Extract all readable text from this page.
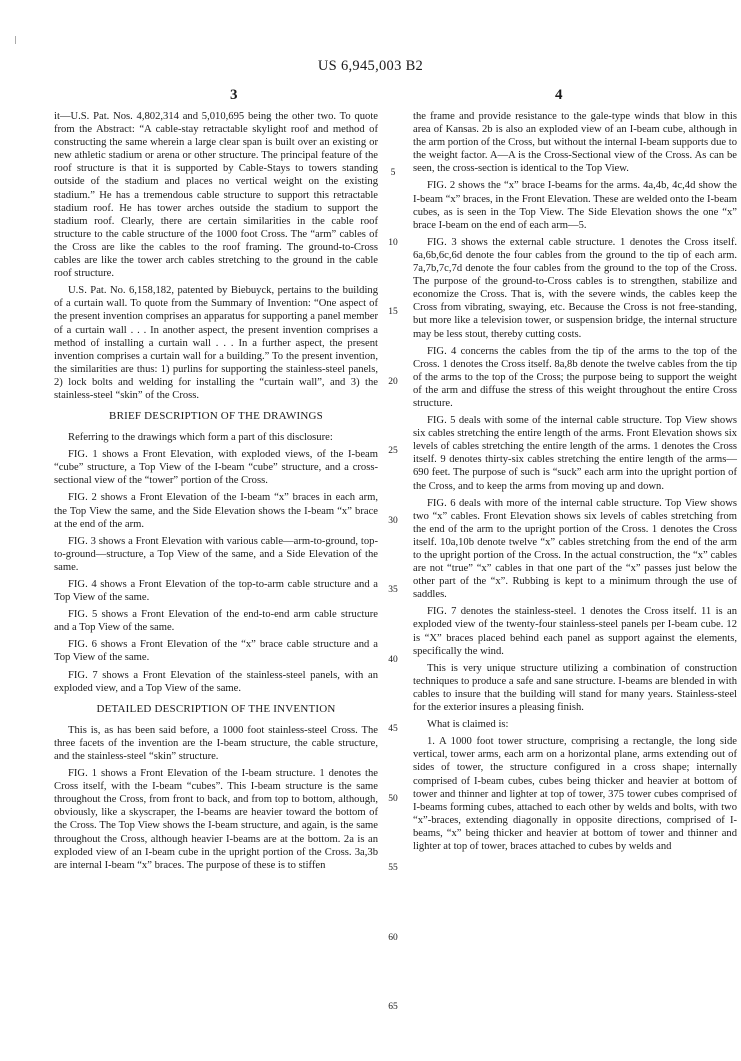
US 6,945,003 B2
3	4

it—U.S. Pat. Nos. 4,802,314 and 5,010,695 being the other two. To quote from the Abstract: “A cable-stay retractable skylight roof and method of constructing the same wherein a large clear span is built over an existing or new athletic stadium or arena or other structure. The principal feature of the roof structure is that it is supported by Cable-Stays to towers standing outside of the stadium and places no vertical weight on the existing stadium.” He has a tremendous cable structure to support this retractable stadium roof. He has tower arches outside the stadium to support the stadium roof. Clearly, there are certain similarities in the cable roof structure to the cable structure of the 1000 foot Cross. The “arm” cables of the Cross are like the cables to the roof framing. The ground-to-Cross cables are like the tower arch cables stretching to the ground in the cable roof structure.

U.S. Pat. No. 6,158,182, patented by Biebuyck, pertains to the building of a curtain wall. To quote from the Summary of Invention: “One aspect of the present invention comprises an apparatus for supporting a panel member of a curtain wall . . . In another aspect, the present invention comprises a method of installing a curtain wall . . . In a further aspect, the present invention comprises a curtain wall for a building.” To the present invention, the similarities are thus: 1) purlins for supporting the stainless-steel panels, 2) lock bolts and welding for installing the “curtain wall”, and 3) the stainless-steel “skin” of the Cross.

BRIEF DESCRIPTION OF THE DRAWINGS

Referring to the drawings which form a part of this disclosure:

FIG. 1 shows a Front Elevation, with exploded views, of the I-beam “cube” structure, a Top View of the I-beam “cube” structure, and a cross-sectional view of the “tower” portion of the Cross.

FIG. 2 shows a Front Elevation of the I-beam “x” braces in each arm, the Top View the same, and the Side Elevation shows the I-beam “x” brace at the end of the arm.

FIG. 3 shows a Front Elevation with various cable—arm-to-ground, top-to-ground—structure, a Top View of the same, and a Side Elevation of the same.

FIG. 4 shows a Front Elevation of the top-to-arm cable structure and a Top View of the same.

FIG. 5 shows a Front Elevation of the end-to-end arm cable structure and a Top View of the same.

FIG. 6 shows a Front Elevation of the “x” brace cable structure and a Top View of the same.

FIG. 7 shows a Front Elevation of the stainless-steel panels, with an exploded view, and a Top View of the same.

DETAILED DESCRIPTION OF THE INVENTION

This is, as has been said before, a 1000 foot stainless-steel Cross. The three facets of the invention are the I-beam structure, the cable structure, and the stainless-steel “skin” structure.

FIG. 1 shows a Front Elevation of the I-beam structure. 1 denotes the Cross itself, with the I-beam “cubes”. This I-beam structure is the same throughout the Cross, from front to back, and from top to bottom, although, obviously, like a skyscraper, the I-beams are heavier toward the bottom of the Cross. The Top View shows the I-beam structure, and again, is the same throughout the Cross, although heavier I-beams are at the bottom. 2a is an exploded view of an I-beam cube in the upright portion of the Cross. 3a,3b are internal I-beam “x” braces. The purpose of these is to stiffen

the frame and provide resistance to the gale-type winds that blow in this area of Kansas. 2b is also an exploded view of an I-beam cube, although in the arm portion of the Cross, but without the internal I-beam supports due to the weight factor. A—A is the Cross-Sectional view of the Cross. As can be seen, the cross-section is identical to the Top View.

FIG. 2 shows the “x” brace I-beams for the arms. 4a,4b, 4c,4d show the I-beam “x” braces, in the Front Elevation. These are welded onto the I-beam cubes, as is seen in the Top View. The Side Elevation shows the one “x” brace I-beam on the end of each arm—5.

FIG. 3 shows the external cable structure. 1 denotes the Cross itself. 6a,6b,6c,6d denote the four cables from the ground to the tip of each arm. 7a,7b,7c,7d denote the four cables from the ground to the top of the Cross. The purpose of the ground-to-Cross cables is to strengthen, stabilize and economize the Cross. That is, with the severe winds, the cables keep the Cross from vibrating, swaying, etc. Because the Cross is not free-standing, but more like a television tower, or suspension bridge, the internal structure may be less stout, thereby cutting costs.

FIG. 4 concerns the cables from the tip of the arms to the top of the Cross. 1 denotes the Cross itself. 8a,8b denote the twelve cables from the tip of the arms to the top of the Cross; the purpose being to support the weight of the arm and diffuse the stress of this weight throughout the entire Cross structure.

FIG. 5 deals with some of the internal cable structure. Top View shows six cables stretching the entire length of the arms. Front Elevation shows six levels of cables stretching the entire length of the arms. 1 denotes the Cross itself. 9 denotes thirty-six cables stretching the entire length of the arms—690 feet. The purpose of such is “suck” each arm into the upright portion of the Cross, and to keep the arms from moving up and down.

FIG. 6 deals with more of the internal cable structure. Top View shows two “x” cables. Front Elevation shows six levels of cables stretching from the end of the arm to the upright portion of the Cross. 1 denotes the Cross itself. 10a,10b denote twelve “x” cables stretching from the end of the arm to the upright portion of the Cross. In the actual construction, the “x” cables are not “true” “x” cables in that one part of the “x” passes just below the other part of the “x”. Rubbing is kept to a minimum through the use of saddles.

FIG. 7 denotes the stainless-steel. 1 denotes the Cross itself. 11 is an exploded view of the twenty-four stainless-steel panels per I-beam cube. 12 is “X” braces placed behind each panel as support against the elements, specifically the wind.

This is very unique structure utilizing a combination of construction techniques to produce a safe and sane structure. I-beams are blended in with cables to insure that the building will stand for many years. Stainless-steel for the exterior insures a pleasing finish.

What is claimed is:

1. A 1000 foot tower structure, comprising a rectangle, the long side vertical, tower arms, each arm on a horizontal plane, arms extending out of sides of tower, the structure configured in a cross shape; internally comprised of I-beam cubes, cubes being thicker and heavier at bottom of tower and thinner and lighter at top of tower, 375 tower cubes comprised of I-beams forming cubes, attached to each other by welds and bolts, with two “x”-braces, extending diagonally in opposite directions, comprised of I-beams, “x” being thicker and heavier at bottom of tower and thinner and lighter at top of tower, braces attached to cubes by welds and

5
10
15
20
25
30
35
40
45
50
55
60
65
